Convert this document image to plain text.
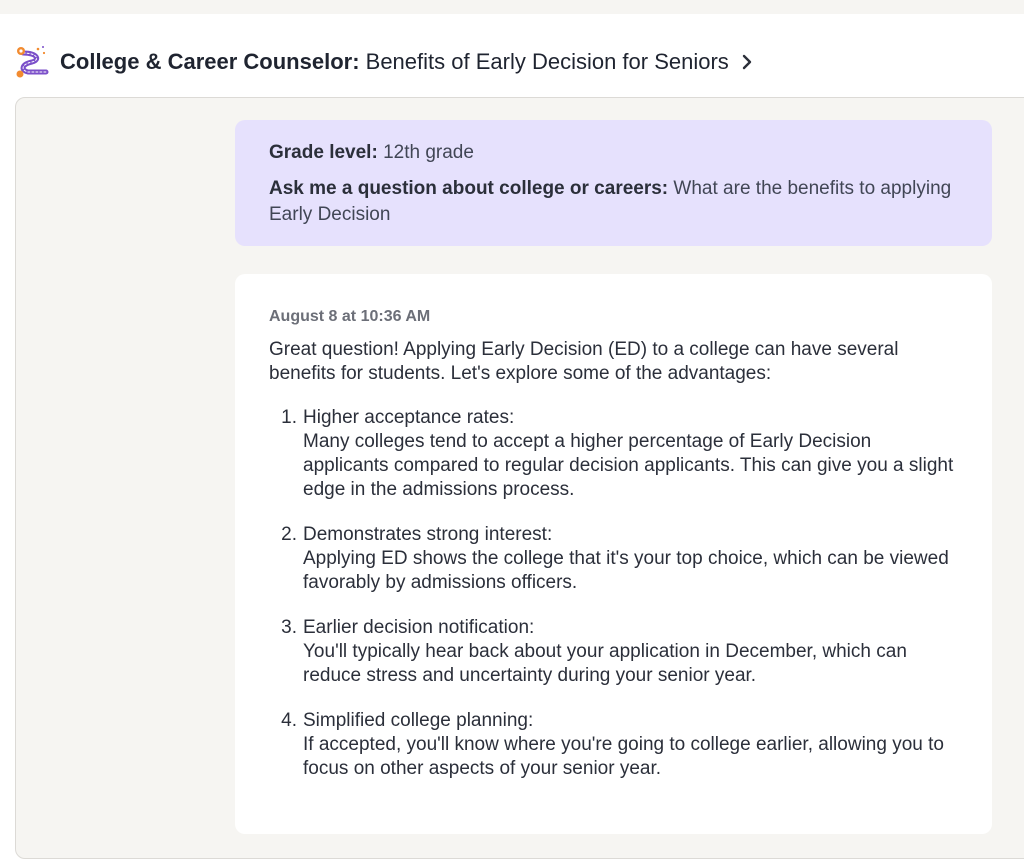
College & Career Counselor: Benefits of Early Decision for Seniors

Grade level: 12th grade

Ask me a question about college or careers: What are the benefits to applying Early Decision

August 8 at 10:36 AM

Great question! Applying Early Decision (ED) to a college can have several benefits for students. Let's explore some of the advantages:

1. Higher acceptance rates:
Many colleges tend to accept a higher percentage of Early Decision applicants compared to regular decision applicants. This can give you a slight edge in the admissions process.
2. Demonstrates strong interest:
Applying ED shows the college that it's your top choice, which can be viewed favorably by admissions officers.
3. Earlier decision notification:
You'll typically hear back about your application in December, which can reduce stress and uncertainty during your senior year.
4. Simplified college planning:
If accepted, you'll know where you're going to college earlier, allowing you to focus on other aspects of your senior year.
